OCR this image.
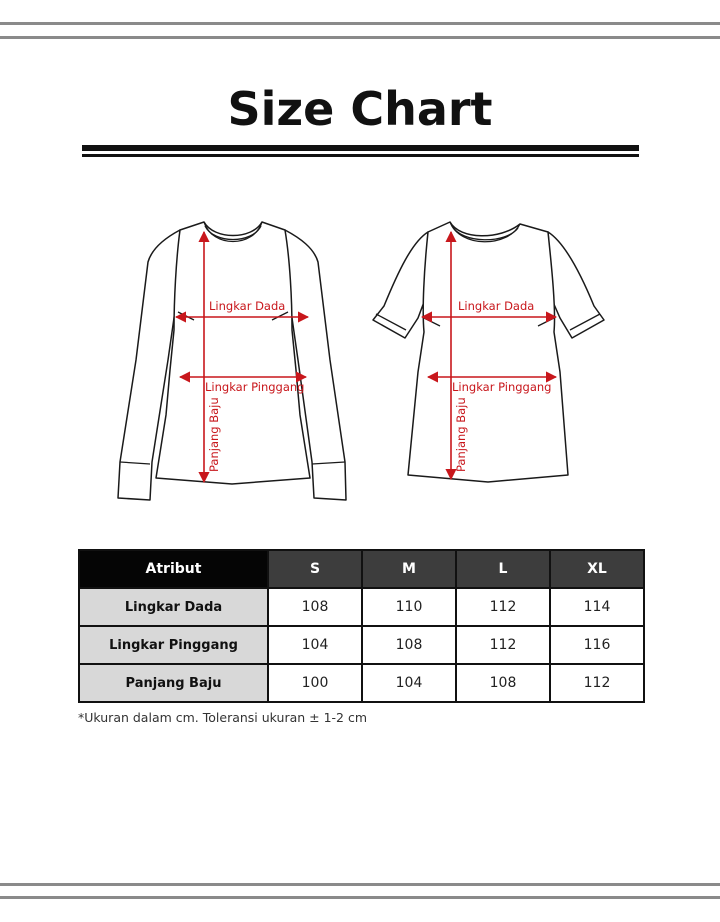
Size Chart
Lingkar Dada
Lingkar Pinggang
Panjang Baju
Lingkar Dada
Lingkar Pinggang
Panjang Baju
Atribut	S	M	L	XL
Lingkar Dada	108	110	112	114
Lingkar Pinggang	104	108	112	116
Panjang Baju	100	104	108	112
*Ukuran dalam cm. Toleransi ukuran ± 1-2 cm
